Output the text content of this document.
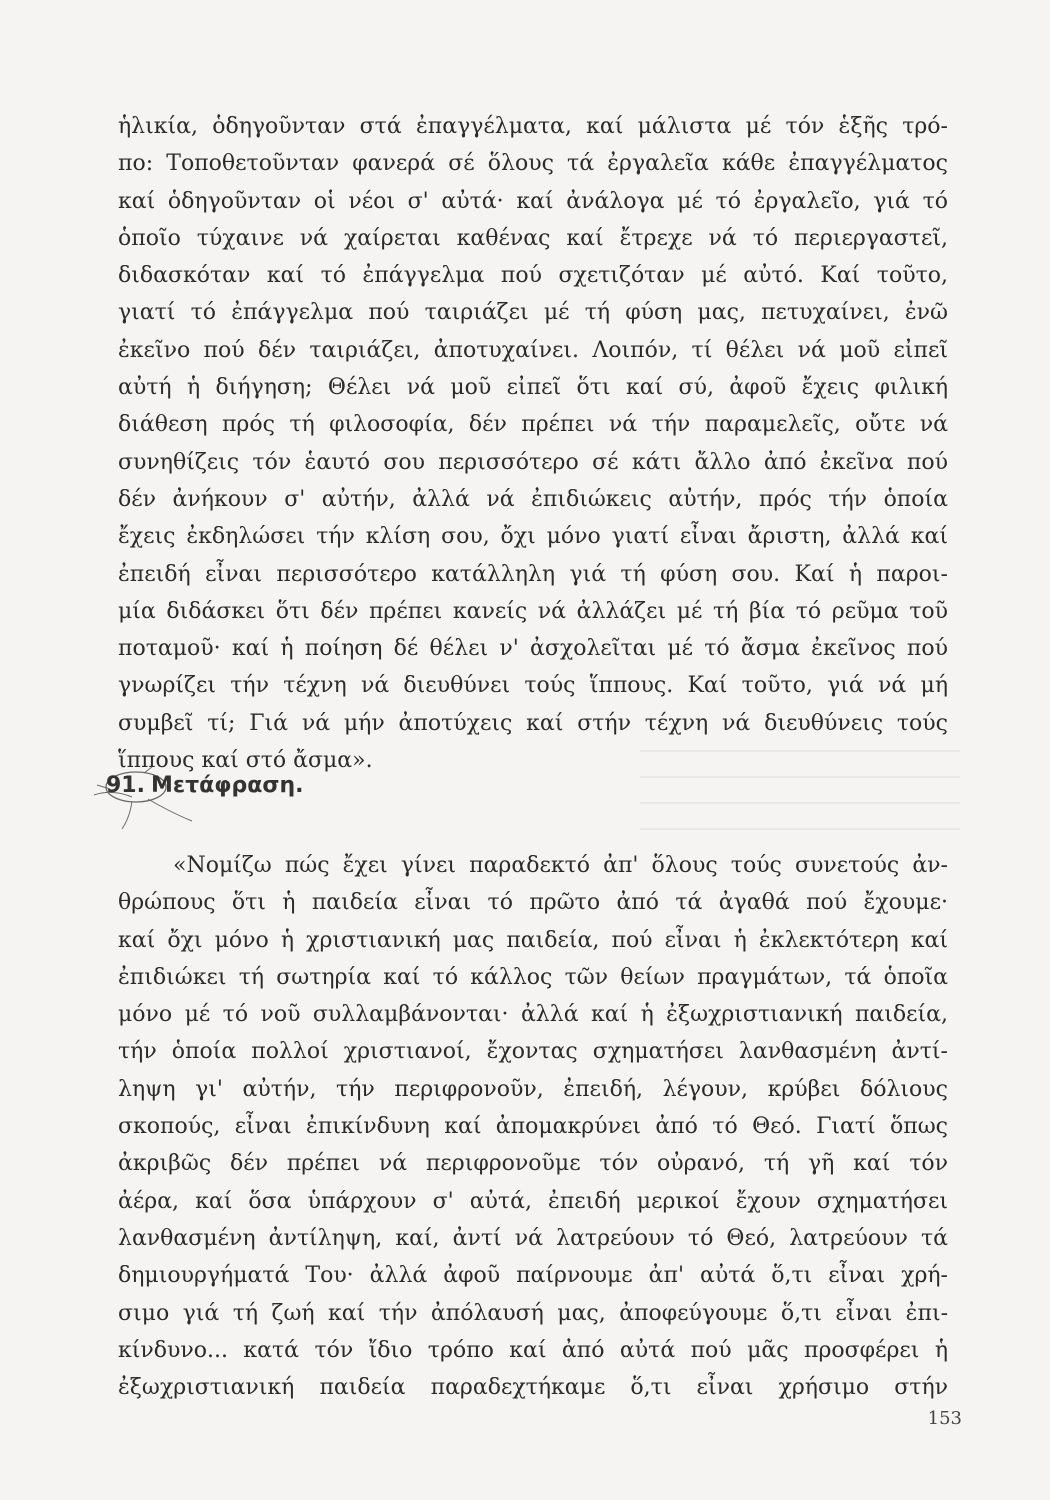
ἡλικία, ὁδηγοῦνταν στά ἐπαγγέλματα, καί μάλιστα μέ τόν ἑξῆς τρό-
πο: Τοποθετοῦνταν φανερά σέ ὅλους τά ἐργαλεῖα κάθε ἐπαγγέλματος
καί ὁδηγοῦνταν οἱ νέοι σ' αὐτά· καί ἀνάλογα μέ τό ἐργαλεῖο, γιά τό
ὁποῖο τύχαινε νά χαίρεται καθένας καί ἔτρεχε νά τό περιεργαστεῖ,
διδασκόταν καί τό ἐπάγγελμα πού σχετιζόταν μέ αὐτό. Καί τοῦτο,
γιατί τό ἐπάγγελμα πού ταιριάζει μέ τή φύση μας, πετυχαίνει, ἐνῶ
ἐκεῖνο πού δέν ταιριάζει, ἀποτυχαίνει. Λοιπόν, τί θέλει νά μοῦ εἰπεῖ
αὐτή ἡ διήγηση; Θέλει νά μοῦ εἰπεῖ ὅτι καί σύ, ἀφοῦ ἔχεις φιλική
διάθεση πρός τή φιλοσοφία, δέν πρέπει νά τήν παραμελεῖς, οὔτε νά
συνηθίζεις τόν ἑαυτό σου περισσότερο σέ κάτι ἄλλο ἀπό ἐκεῖνα πού
δέν ἀνήκουν σ' αὐτήν, ἀλλά νά ἐπιδιώκεις αὐτήν, πρός τήν ὁποία
ἔχεις ἐκδηλώσει τήν κλίση σου, ὄχι μόνο γιατί εἶναι ἄριστη, ἀλλά καί
ἐπειδή εἶναι περισσότερο κατάλληλη γιά τή φύση σου. Καί ἡ παροι-
μία διδάσκει ὅτι δέν πρέπει κανείς νά ἀλλάζει μέ τή βία τό ρεῦμα τοῦ
ποταμοῦ· καί ἡ ποίηση δέ θέλει ν' ἀσχολεῖται μέ τό ἄσμα ἐκεῖνος πού
γνωρίζει τήν τέχνη νά διευθύνει τούς ἵππους. Καί τοῦτο, γιά νά μή
συμβεῖ τί; Γιά νά μήν ἀποτύχεις καί στήν τέχνη νά διευθύνεις τούς
ἵππους καί στό ἄσμα».
91. Μετάφραση.
«Νομίζω πώς ἔχει γίνει παραδεκτό ἀπ' ὅλους τούς συνετούς ἀν-
θρώπους ὅτι ἡ παιδεία εἶναι τό πρῶτο ἀπό τά ἀγαθά πού ἔχουμε·
καί ὄχι μόνο ἡ χριστιανική μας παιδεία, πού εἶναι ἡ ἐκλεκτότερη καί
ἐπιδιώκει τή σωτηρία καί τό κάλλος τῶν θείων πραγμάτων, τά ὁποῖα
μόνο μέ τό νοῦ συλλαμβάνονται· ἀλλά καί ἡ ἐξωχριστιανική παιδεία,
τήν ὁποία πολλοί χριστιανοί, ἔχοντας σχηματήσει λανθασμένη ἀντί-
ληψη γι' αὐτήν, τήν περιφρονοῦν, ἐπειδή, λέγουν, κρύβει δόλιους
σκοπούς, εἶναι ἐπικίνδυνη καί ἀπομακρύνει ἀπό τό Θεό. Γιατί ὅπως
ἀκριβῶς δέν πρέπει νά περιφρονοῦμε τόν οὐρανό, τή γῆ καί τόν
ἀέρα, καί ὅσα ὑπάρχουν σ' αὐτά, ἐπειδή μερικοί ἔχουν σχηματήσει
λανθασμένη ἀντίληψη, καί, ἀντί νά λατρεύουν τό Θεό, λατρεύουν τά
δημιουργήματά Του· ἀλλά ἀφοῦ παίρνουμε ἀπ' αὐτά ὅ,τι εἶναι χρή-
σιμο γιά τή ζωή καί τήν ἀπόλαυσή μας, ἀποφεύγουμε ὅ,τι εἶναι ἐπι-
κίνδυνο... κατά τόν ἴδιο τρόπο καί ἀπό αὐτά πού μᾶς προσφέρει ἡ
ἐξωχριστιανική παιδεία παραδεχτήκαμε ὅ,τι εἶναι χρήσιμο στήν
153
